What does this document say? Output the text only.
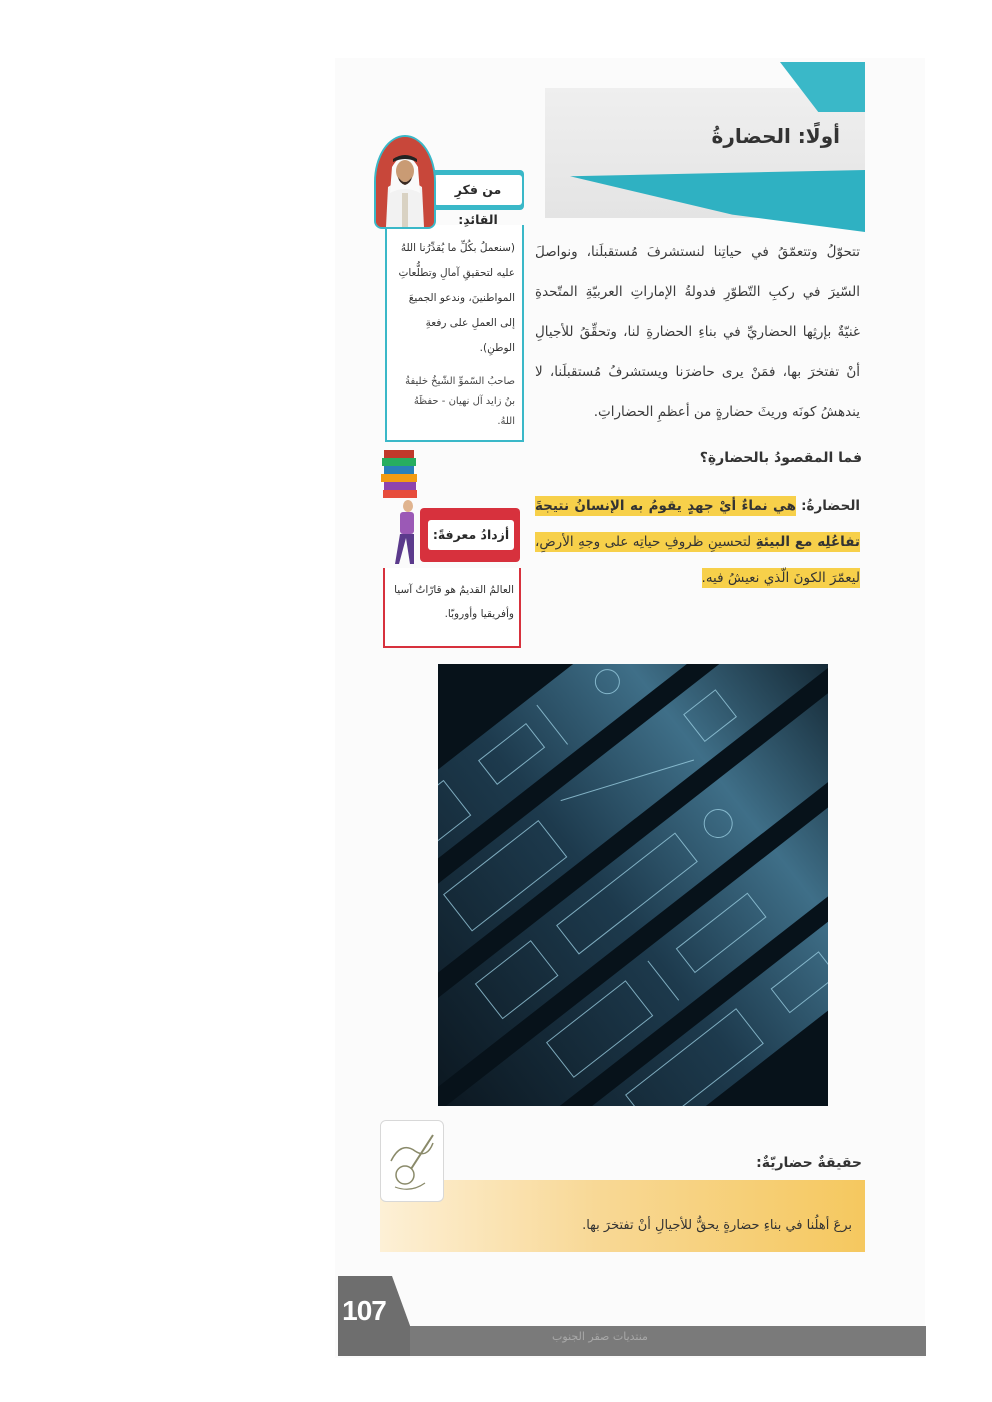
أولًا: الحضارةُ
تتحوّلُ وتتعمّقُ في حياتِنا لنستشرفَ مُستقبلَنا، ونواصلَ السّيرَ في ركبِ التّطوّرِ فدولةُ الإماراتِ العربيّةِ المتّحدةِ غنيّةٌ بإرثِها الحضاريِّ في بناءِ الحضارةِ لنا، وتحقِّقُ للأجيالِ أنْ تفتخرَ بها، فمَنْ يرى حاضرَنا ويستشرفُ مُستقبلَنا، لا يندهشُ كونَه وريثَ حضارةٍ من أعظمِ الحضاراتِ.
فما المقصودُ بالحضارةِ؟
الحضارةُ: هي نماءٌ أيْ جهدٍ يقومُ به الإنسانُ نتيجةَ تفاعُلِه مع البيئةِ لتحسينِ ظروفِ حياتِه على وجهِ الأرضِ، ليعمّرَ الكونَ الّذي نعيشُ فيه.
من فكرِ القائدِ:
(سنعملُ بكُلِّ ما يُقدِّرُنا اللهُ عليه لتحقيقِ آمالِ وتطلُّعاتِ المواطنينَ، وندعو الجميعَ إلى العملِ على رفعةِ الوطنِ).
صاحبُ السّموِّ الشّيخُ خليفةُ بنُ زايد آل نهيان - حفظَهُ اللهُ.
أزدادُ معرفةً:
العالمُ القديمُ هو قارّاتُ آسيا وأفريقيا وأوروبّا.
حقيقةٌ حضاريّةٌ:
برعَ أهلُنا في بناءِ حضارةٍ يحقُّ للأجيالِ أنْ تفتخرَ بها.
107
منتديات صقر الجنوب
